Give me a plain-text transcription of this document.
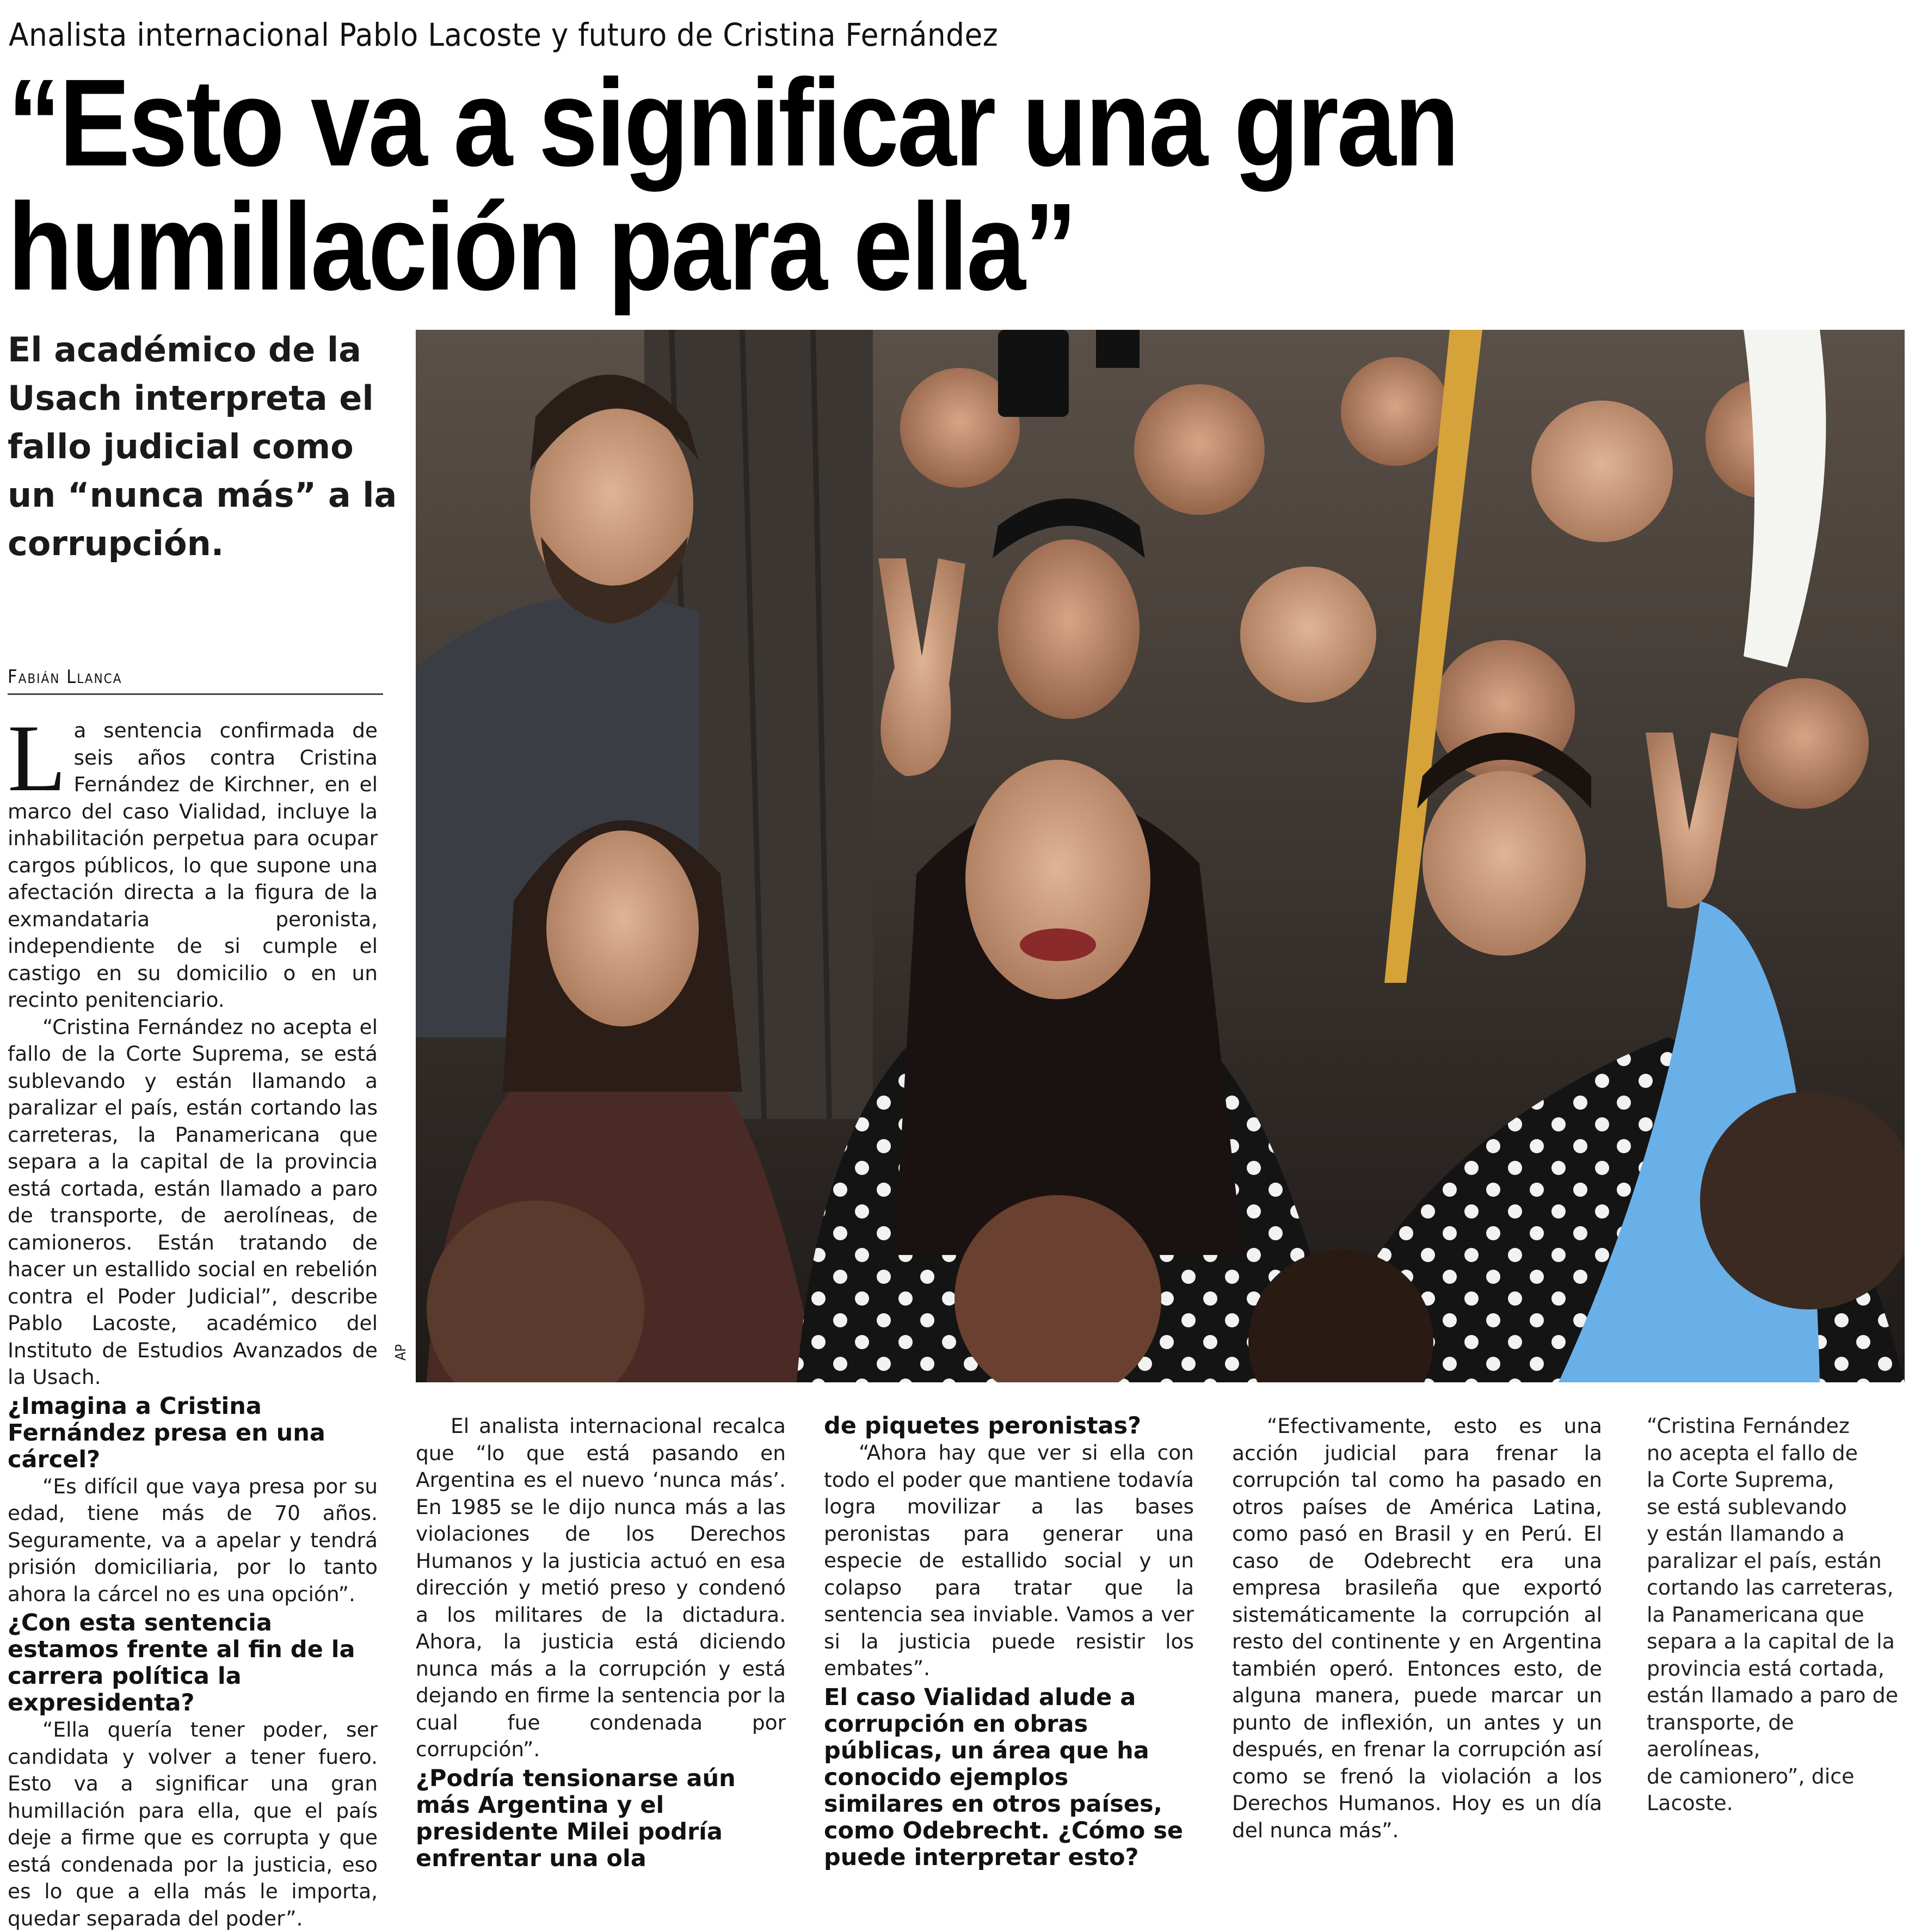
Analista internacional Pablo Lacoste y futuro de Cristina Fernández
“Esto va a significar una gran
humillación para ella”
El académico de la
Usach interpreta el
fallo judicial como
un “nunca más” a la
corrupción.
Fabián Llanca
AP

La sentencia confirmada de seis años contra Cristina Fernández de Kirchner, en el marco del caso Vialidad, incluye la inhabilitación perpetua para ocupar cargos públicos, lo que supone una afectación directa a la figura de la exmandataria peronista, independiente de si cumple el castigo en su domicilio o en un recinto penitenciario.

“Cristina Fernández no acepta el fallo de la Corte Suprema, se está sublevando y están llamando a paralizar el país, están cortando las carreteras, la Panamericana que separa a la capital de la provincia está cortada, están llamado a paro de transporte, de aerolíneas, de camioneros. Están tratando de hacer un estallido social en rebelión contra el Poder Judicial”, describe Pablo Lacoste, académico del Instituto de Estudios Avanzados de la Usach.

¿Imagina a Cristina Fernández presa en una cárcel?

“Es difícil que vaya presa por su edad, tiene más de 70 años. Seguramente, va a apelar y tendrá prisión domiciliaria, por lo tanto ahora la cárcel no es una opción”.

¿Con esta sentencia estamos frente al fin de la carrera política la expresidenta?

“Ella quería tener poder, ser candidata y volver a tener fuero. Esto va a significar una gran humillación para ella, que el país deje a firme que es corrupta y que está condenada por la justicia, eso es lo que a ella más le importa, quedar separada del poder”.

El analista internacional recalca que “lo que está pasando en Argentina es el nuevo ‘nunca más’. En 1985 se le dijo nunca más a las violaciones de los Derechos Humanos y la justicia actuó en esa dirección y metió preso y condenó a los militares de la dictadura. Ahora, la justicia está diciendo nunca más a la corrupción y está dejando en firme la sentencia por la cual fue condenada por corrupción”.

¿Podría tensionarse aún más Argentina y el presidente Milei podría enfrentar una ola
de piquetes peronistas?

“Ahora hay que ver si ella con todo el poder que mantiene todavía logra movilizar a las bases peronistas para generar una especie de estallido social y un colapso para tratar que la sentencia sea inviable. Vamos a ver si la justicia puede resistir los embates”.

El caso Vialidad alude a corrupción en obras públicas, un área que ha conocido ejemplos similares en otros países, como Odebrecht. ¿Cómo se puede interpretar esto?

“Efectivamente, esto es una acción judicial para frenar la corrupción tal como ha pasado en otros países de América Latina, como pasó en Brasil y en Perú. El caso de Odebrecht era una empresa brasileña que exportó sistemáticamente la corrupción al resto del continente y en Argentina también operó. Entonces esto, de alguna manera, puede marcar un punto de inflexión, un antes y un después, en frenar la corrupción así como se frenó la violación a los Derechos Humanos. Hoy es un día del nunca más”.

“Cristina Fernández
no acepta el fallo de
la Corte Suprema,
se está sublevando
y están llamando a
paralizar el país, están
cortando las carreteras,
la Panamericana que
separa a la capital de la
provincia está cortada,
están llamado a paro de
transporte, de aerolíneas,
de camionero”, dice
Lacoste.
